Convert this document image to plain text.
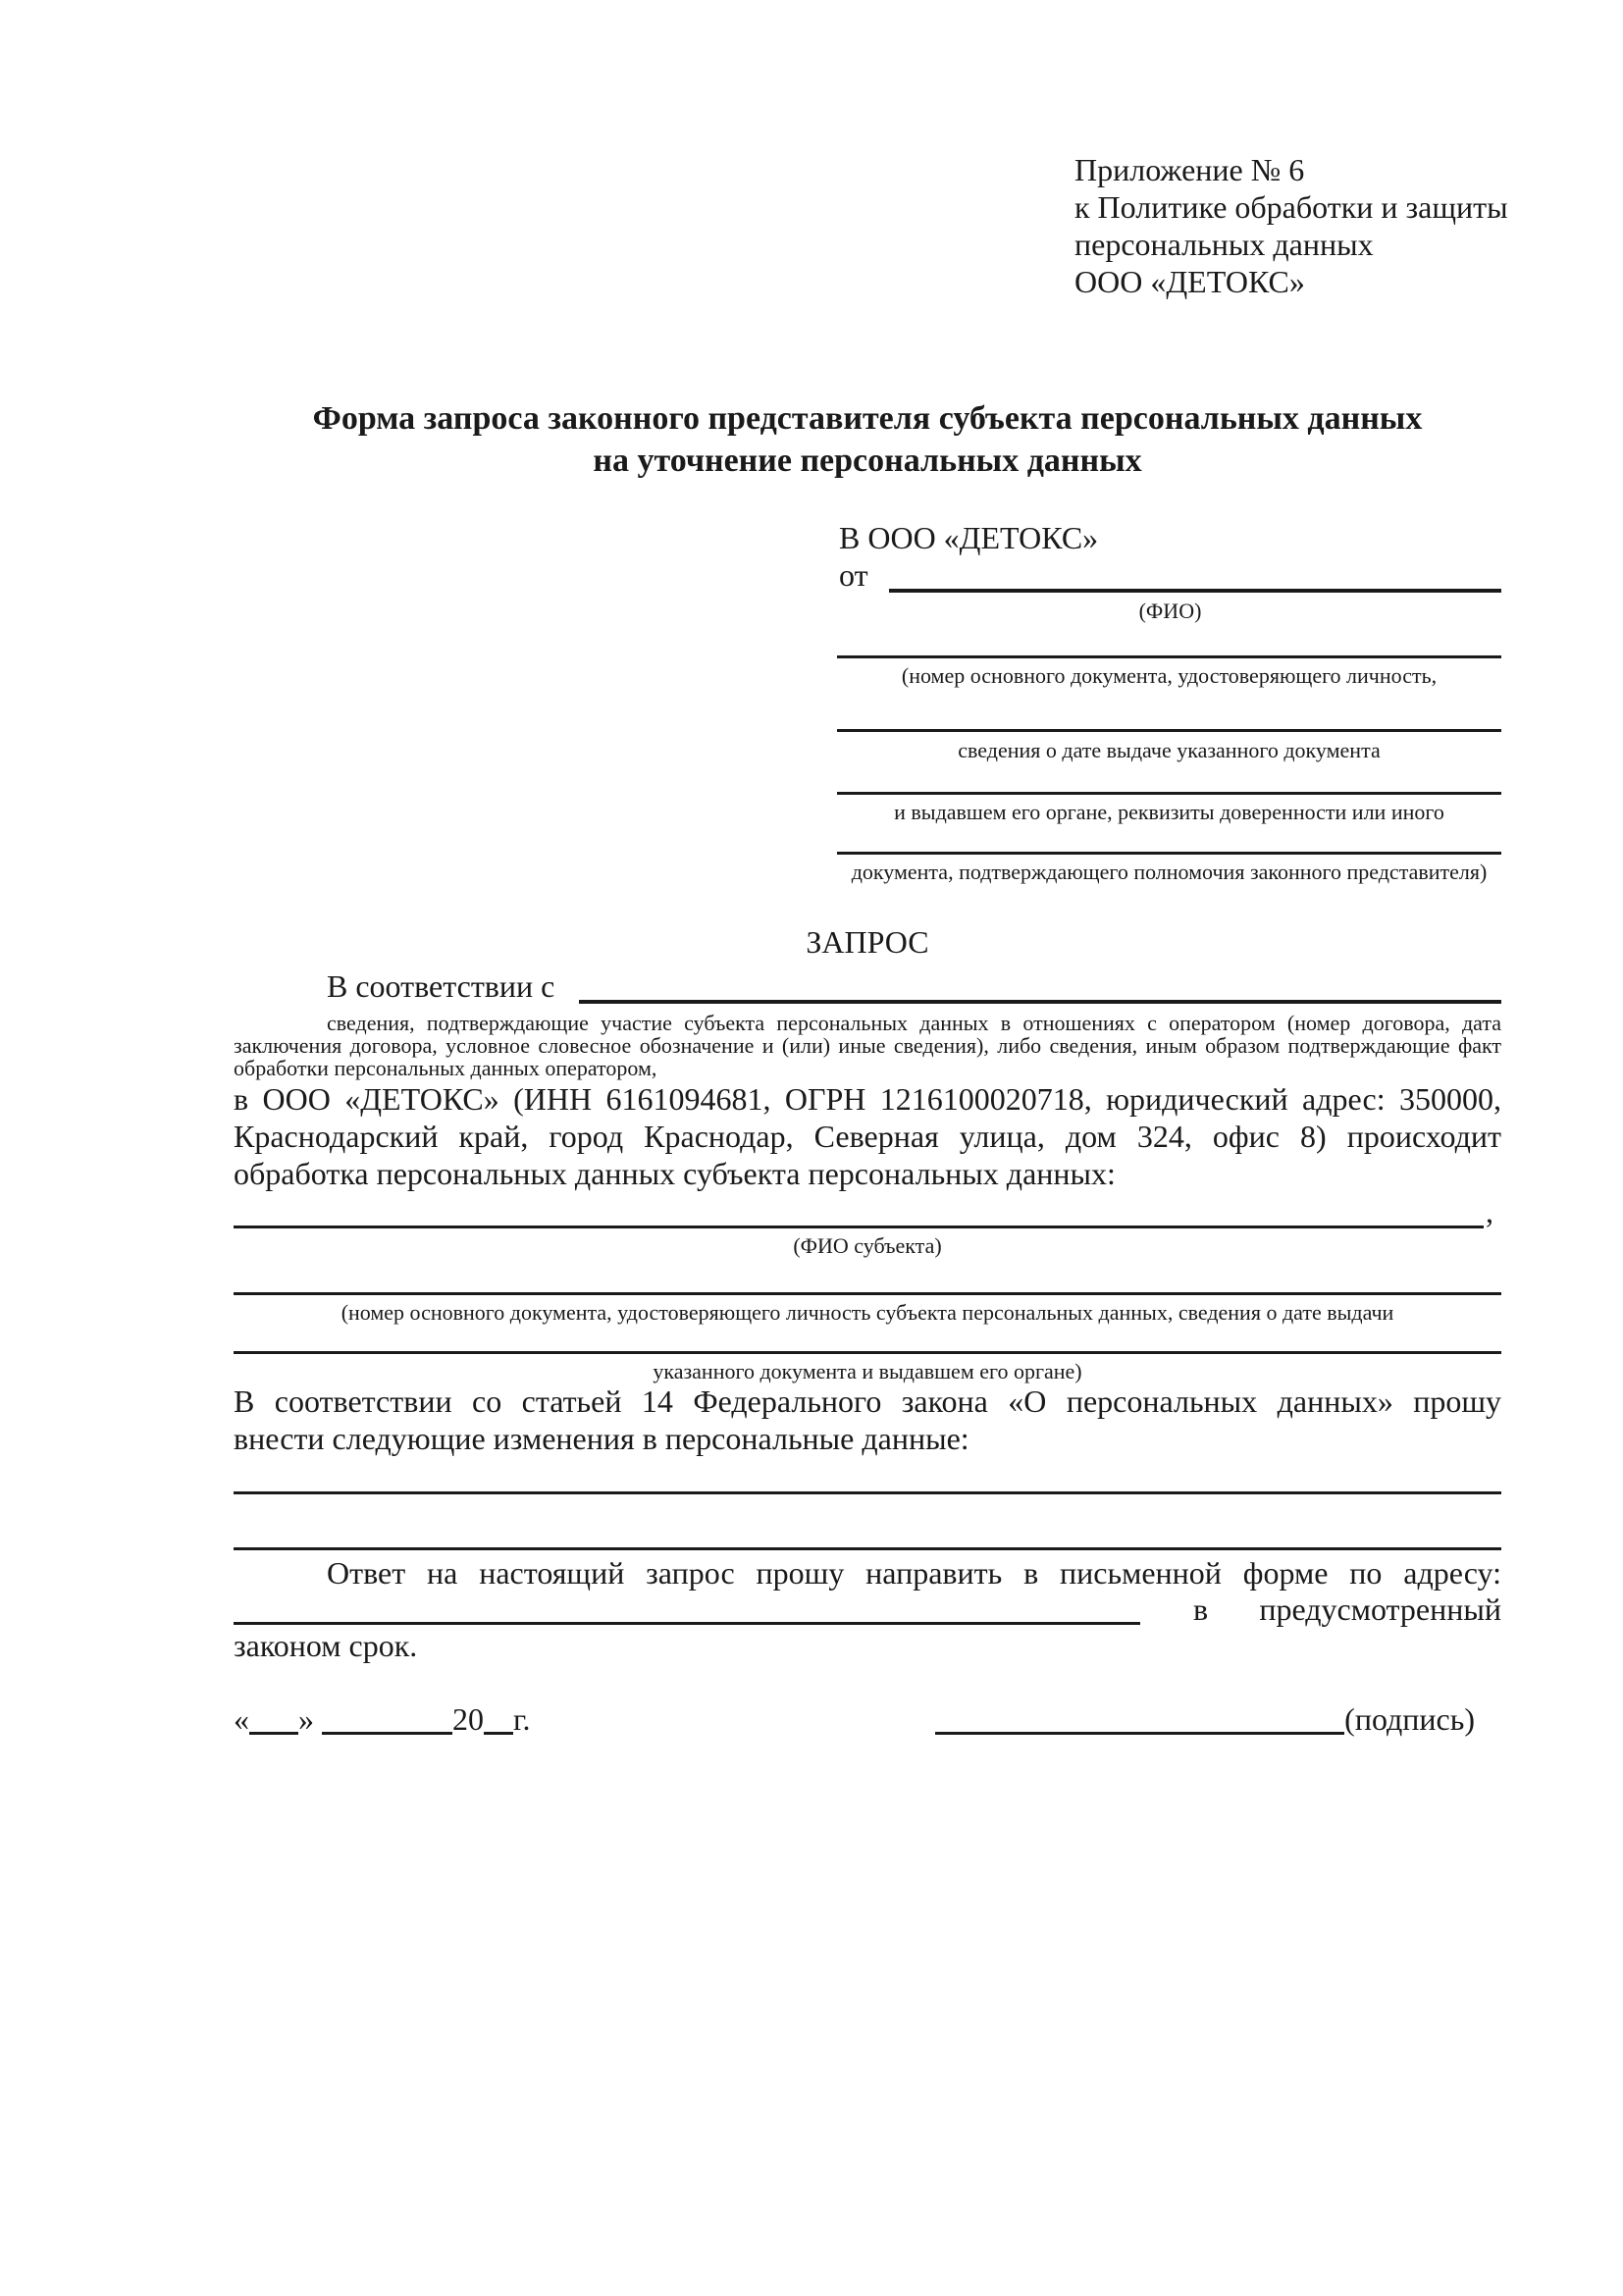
Приложение № 6
к Политике обработки и защиты
персональных данных
ООО «ДЕТОКС»
Форма запроса законного представителя субъекта персональных данных
на уточнение персональных данных
В ООО «ДЕТОКС»
от
(ФИО)
(номер основного документа, удостоверяющего личность,
сведения о дате выдаче указанного документа
и выдавшем его органе, реквизиты доверенности или иного
документа, подтверждающего полномочия законного представителя)
ЗАПРОС
В соответствии с
сведения, подтверждающие участие субъекта персональных данных в отношениях с оператором (номер договора, дата
заключения договора, условное словесное обозначение и (или) иные сведения), либо сведения, иным образом подтверждающие факт
обработки персональных данных оператором,
в ООО «ДЕТОКС» (ИНН 6161094681, ОГРН 1216100020718, юридический адрес: 350000,
Краснодарский край, город Краснодар, Северная улица, дом 324, офис 8) происходит
обработка персональных данных субъекта персональных данных:
,
(ФИО субъекта)
(номер основного документа, удостоверяющего личность субъекта персональных данных, сведения о дате выдачи
указанного документа и выдавшем его органе)
В соответствии со статьей 14 Федерального закона «О персональных данных» прошу
внести следующие изменения в персональные данные:
Ответ на настоящий запрос прошу направить в письменной форме по адресу:
в предусмотренный
законом срок.
« »	20 г.	(подпись)
